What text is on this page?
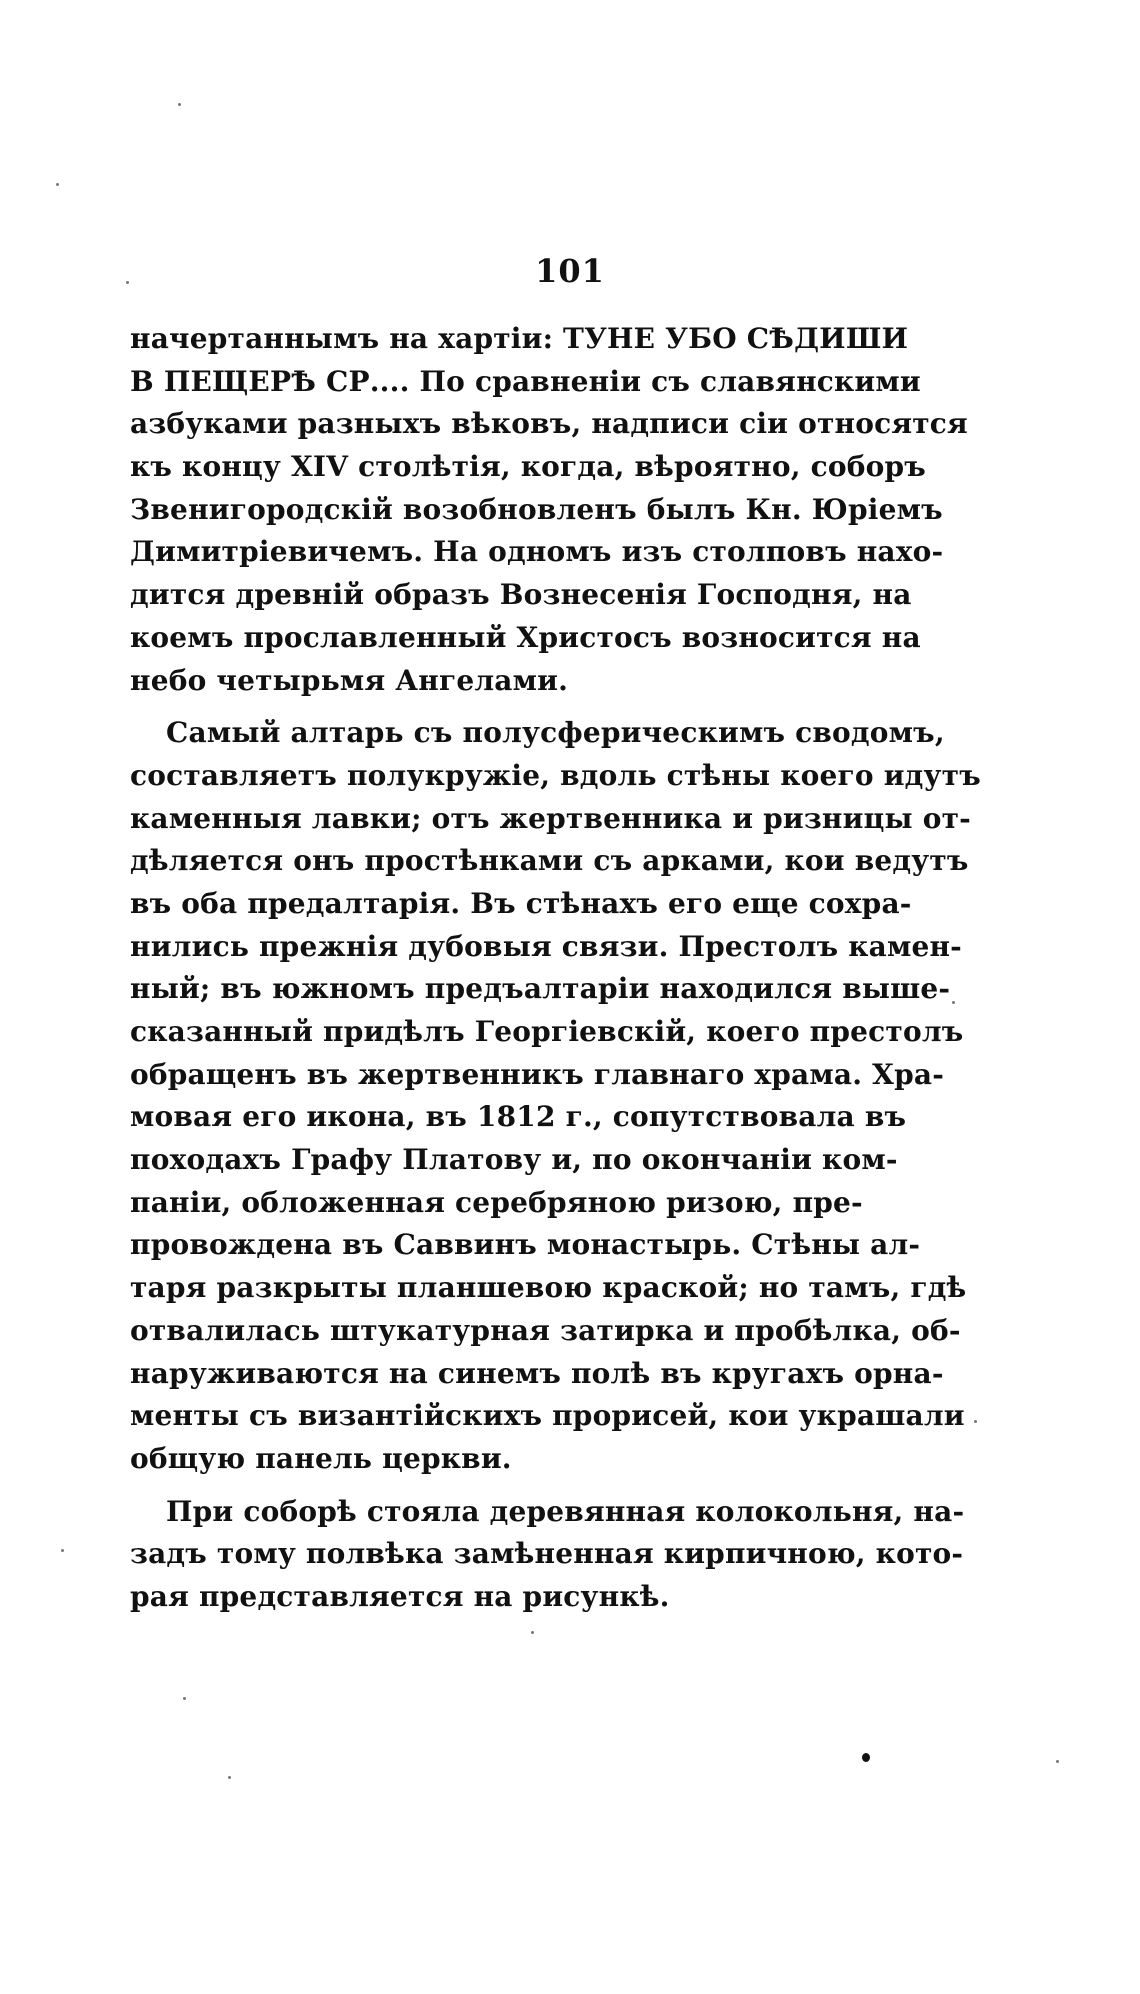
101
начертаннымъ на хартіи: ТУНЕ УБО СѢДИШИ
В ПЕЩЕРѢ СР.... По сравненіи съ славянскими
азбуками разныхъ вѣковъ, надписи сіи относятся
къ концу XIV столѣтія, когда, вѣроятно, соборъ
Звенигородскій возобновленъ былъ Кн. Юріемъ
Димитріевичемъ. На одномъ изъ столповъ нахо-
дится древній образъ Вознесенія Господня, на
коемъ прославленный Христосъ возносится на
небо четырьмя Ангелами.
Самый алтарь съ полусферическимъ сводомъ,
составляетъ полукружіе, вдоль стѣны коего идутъ
каменныя лавки; отъ жертвенника и ризницы от-
дѣляется онъ простѣнками съ арками, кои ведутъ
въ оба предалтарія. Въ стѣнахъ его еще сохра-
нились прежнія дубовыя связи. Престолъ камен-
ный; въ южномъ предъалтаріи находился выше-
сказанный придѣлъ Георгіевскій, коего престолъ
обращенъ въ жертвенникъ главнаго храма. Хра-
мовая его икона, въ 1812 г., сопутствовала въ
походахъ Графу Платову и, по окончаніи ком-
паніи, обложенная серебряною ризою, пре-
провождена въ Саввинъ монастырь. Стѣны ал-
таря разкрыты планшевою краской; но тамъ, гдѣ
отвалилась штукатурная затирка и пробѣлка, об-
наруживаются на синемъ полѣ въ кругахъ орна-
менты съ византійскихъ прорисей, кои украшали
общую панель церкви.
При соборѣ стояла деревянная колокольня, на-
задъ тому полвѣка замѣненная кирпичною, кото-
рая представляется на рисункѣ.
